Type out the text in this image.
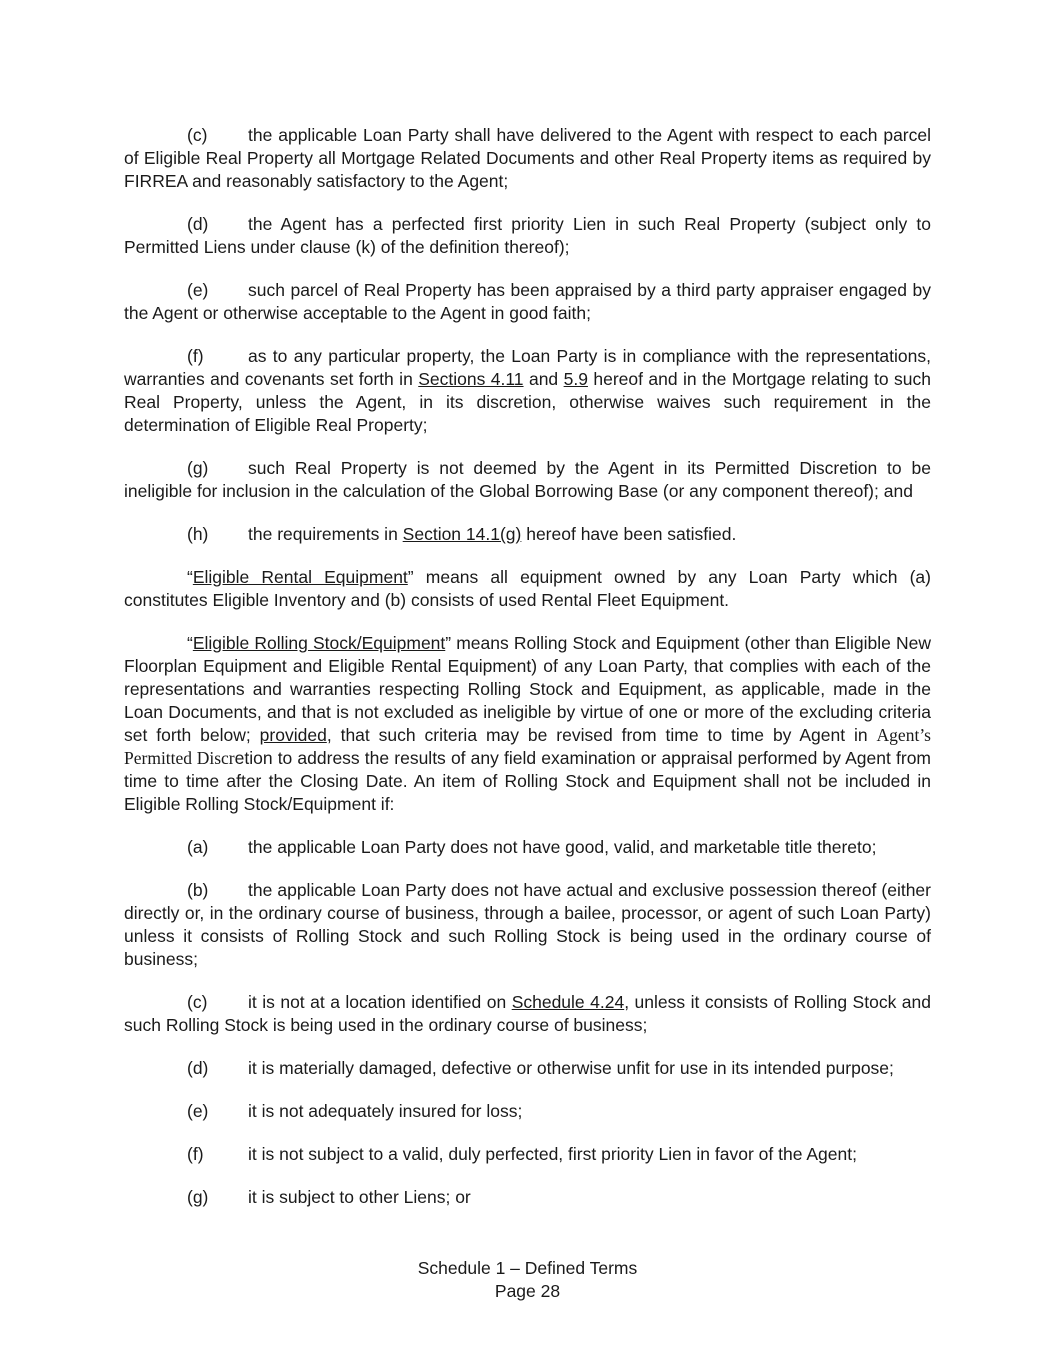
(c) the applicable Loan Party shall have delivered to the Agent with respect to each parcel of Eligible Real Property all Mortgage Related Documents and other Real Property items as required by FIRREA and reasonably satisfactory to the Agent;

(d) the Agent has a perfected first priority Lien in such Real Property (subject only to Permitted Liens under clause (k) of the definition thereof);

(e) such parcel of Real Property has been appraised by a third party appraiser engaged by the Agent or otherwise acceptable to the Agent in good faith;

(f)	as to any particular property, the Loan Party is in compliance with the representations, warranties and covenants set forth in Sections 4.11 and 5.9 hereof and in the Mortgage relating to such Real Property, unless the Agent, in its discretion, otherwise waives such requirement in the determination of Eligible Real Property;

(g) such Real Property is not deemed by the Agent in its Permitted Discretion to be ineligible for inclusion in the calculation of the Global Borrowing Base (or any component thereof); and

(h) the requirements in Section 14.1(g) hereof have been satisfied.

“Eligible Rental Equipment” means all equipment owned by any Loan Party which (a) constitutes Eligible Inventory and (b) consists of used Rental Fleet Equipment.

“Eligible Rolling Stock/Equipment” means Rolling Stock and Equipment (other than Eligible New Floorplan Equipment and Eligible Rental Equipment) of any Loan Party, that complies with each of the representations and warranties respecting Rolling Stock and Equipment, as applicable, made in the Loan Documents, and that is not excluded as ineligible by virtue of one or more of the excluding criteria set forth below; provided, that such criteria may be revised from time to time by Agent in Agent’s Permitted Discretion to address the results of any field examination or appraisal performed by Agent from time to time after the Closing Date. An item of Rolling Stock and Equipment shall not be included in Eligible Rolling Stock/Equipment if:

(a) the applicable Loan Party does not have good, valid, and marketable title thereto;

(b) the applicable Loan Party does not have actual and exclusive possession thereof (either directly or, in the ordinary course of business, through a bailee, processor, or agent of such Loan Party) unless it consists of Rolling Stock and such Rolling Stock is being used in the ordinary course of business;

(c) it is not at a location identified on Schedule 4.24, unless it consists of Rolling Stock and such Rolling Stock is being used in the ordinary course of business;

(d) it is materially damaged, defective or otherwise unfit for use in its intended purpose;

(e) it is not adequately insured for loss;

(f)	it is not subject to a valid, duly perfected, first priority Lien in favor of the Agent;

(g) it is subject to other Liens; or

Schedule 1 – Defined Terms
Page 28
